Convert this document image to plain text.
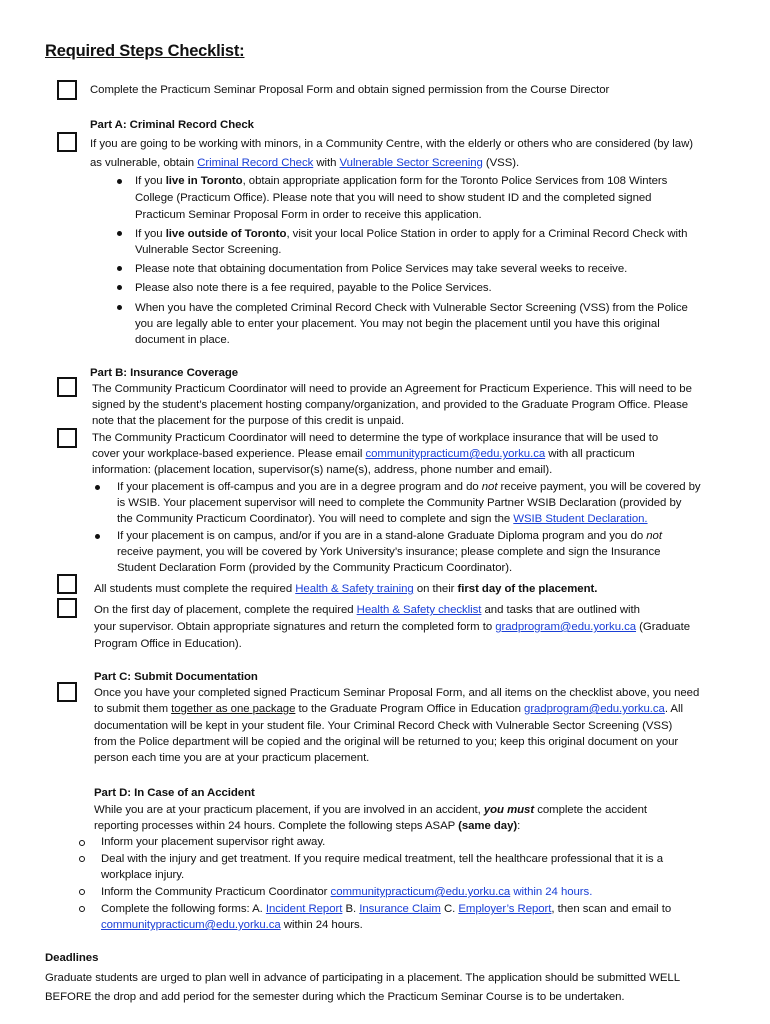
Required Steps Checklist:
Complete the Practicum Seminar Proposal Form and obtain signed permission from the Course Director
Part A: Criminal Record Check
If you are going to be working with minors, in a Community Centre, with the elderly or others who are considered (by law)
as vulnerable, obtain Criminal Record Check with Vulnerable Sector Screening (VSS).
If you live in Toronto, obtain appropriate application form for the Toronto Police Services from 108 Winters
College (Practicum Office). Please note that you will need to show student ID and the completed signed
Practicum Seminar Proposal Form in order to receive this application.
If you live outside of Toronto, visit your local Police Station in order to apply for a Criminal Record Check with
Vulnerable Sector Screening.
Please note that obtaining documentation from Police Services may take several weeks to receive.
Please also note there is a fee required, payable to the Police Services.
When you have the completed Criminal Record Check with Vulnerable Sector Screening (VSS) from the Police
you are legally able to enter your placement. You may not begin the placement until you have this original
document in place.
Part B: Insurance Coverage
The Community Practicum Coordinator will need to provide an Agreement for Practicum Experience. This will need to be
signed by the student’s placement hosting company/organization, and provided to the Graduate Program Office. Please
note that the placement for the purpose of this credit is unpaid.
The Community Practicum Coordinator will need to determine the type of workplace insurance that will be used to
cover your workplace-based experience. Please email communitypracticum@edu.yorku.ca with all practicum
information: (placement location, supervisor(s) name(s), address, phone number and email).
If your placement is off-campus and you are in a degree program and do not receive payment, you will be covered by
is WSIB. Your placement supervisor will need to complete the Community Partner WSIB Declaration (provided by
the Community Practicum Coordinator). You will need to complete and sign the WSIB Student Declaration.
If your placement is on campus, and/or if you are in a stand-alone Graduate Diploma program and you do not
receive payment, you will be covered by York University’s insurance; please complete and sign the Insurance
Student Declaration Form (provided by the Community Practicum Coordinator).
All students must complete the required Health & Safety training on their first day of the placement.
On the first day of placement, complete the required Health & Safety checklist and tasks that are outlined with
your supervisor. Obtain appropriate signatures and return the completed form to gradprogram@edu.yorku.ca (Graduate
Program Office in Education).
Part C: Submit Documentation
Once you have your completed signed Practicum Seminar Proposal Form, and all items on the checklist above, you need
to submit them together as one package to the Graduate Program Office in Education gradprogram@edu.yorku.ca. All
documentation will be kept in your student file. Your Criminal Record Check with Vulnerable Sector Screening (VSS)
from the Police department will be copied and the original will be returned to you; keep this original document on your
person each time you are at your practicum placement.
Part D: In Case of an Accident
While you are at your practicum placement, if you are involved in an accident, you must complete the accident
reporting processes within 24 hours. Complete the following steps ASAP (same day):
Inform your placement supervisor right away.
Deal with the injury and get treatment. If you require medical treatment, tell the healthcare professional that it is a
workplace injury.
Inform the Community Practicum Coordinator communitypracticum@edu.yorku.ca within 24 hours.
Complete the following forms: A. Incident Report B. Insurance Claim C. Employer’s Report, then scan and email to
communitypracticum@edu.yorku.ca within 24 hours.
Deadlines
Graduate students are urged to plan well in advance of participating in a placement. The application should be submitted WELL
BEFORE the drop and add period for the semester during which the Practicum Seminar Course is to be undertaken.
